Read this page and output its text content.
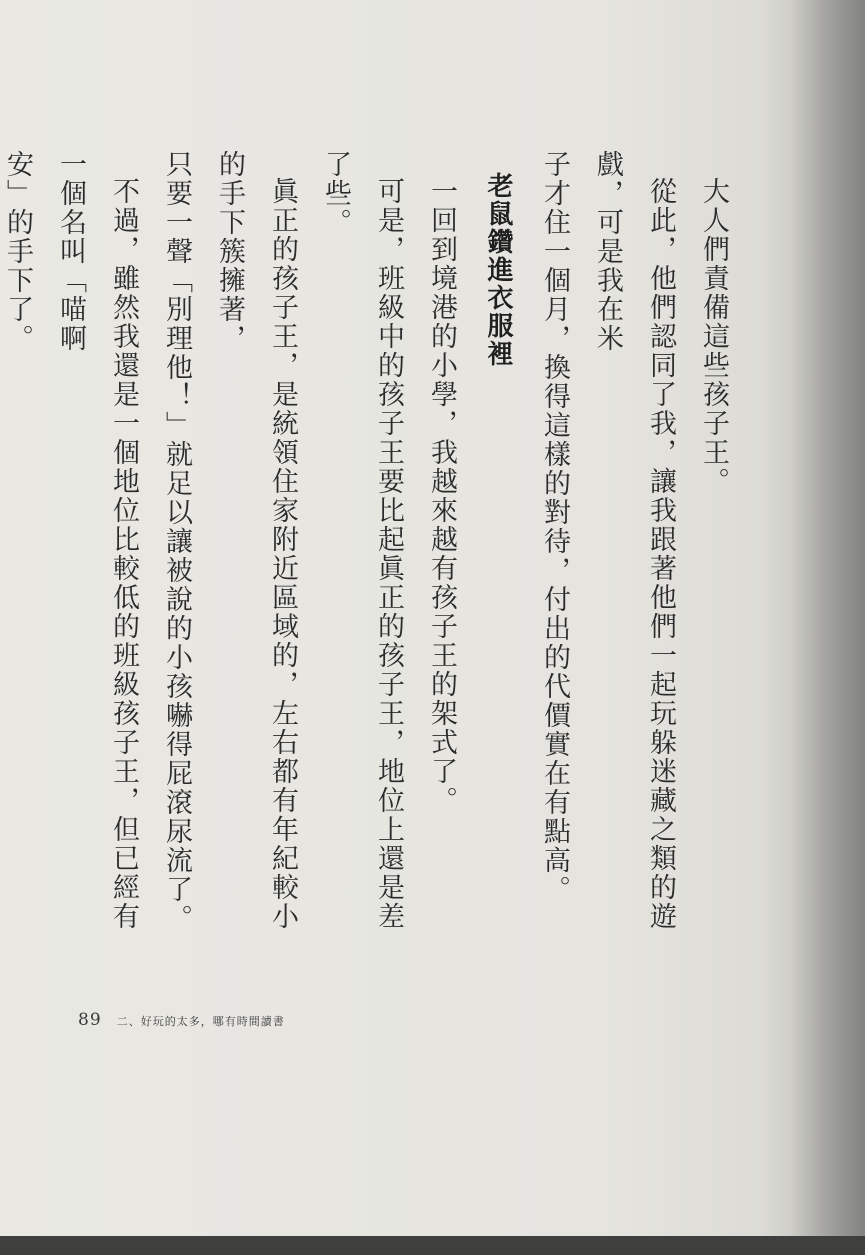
大人們責備這些孩子王。

從此，他們認同了我，讓我跟著他們一起玩躲迷藏之類的遊戲，可是我在米
子才住一個月，換得這樣的對待，付出的代價實在有點高。

老鼠鑽進衣服裡

一回到境港的小學，我越來越有孩子王的架式了。

可是，班級中的孩子王要比起眞正的孩子王，地位上還是差了些。

眞正的孩子王，是統領住家附近區域的，左右都有年紀較小的手下簇擁著，
只要一聲「別理他！」就足以讓被說的小孩嚇得屁滾尿流了。

不過，雖然我還是一個地位比較低的班級孩子王，但已經有一個名叫「喵啊
安」的手下了。

89 二、好玩的太多，哪有時間讀書
